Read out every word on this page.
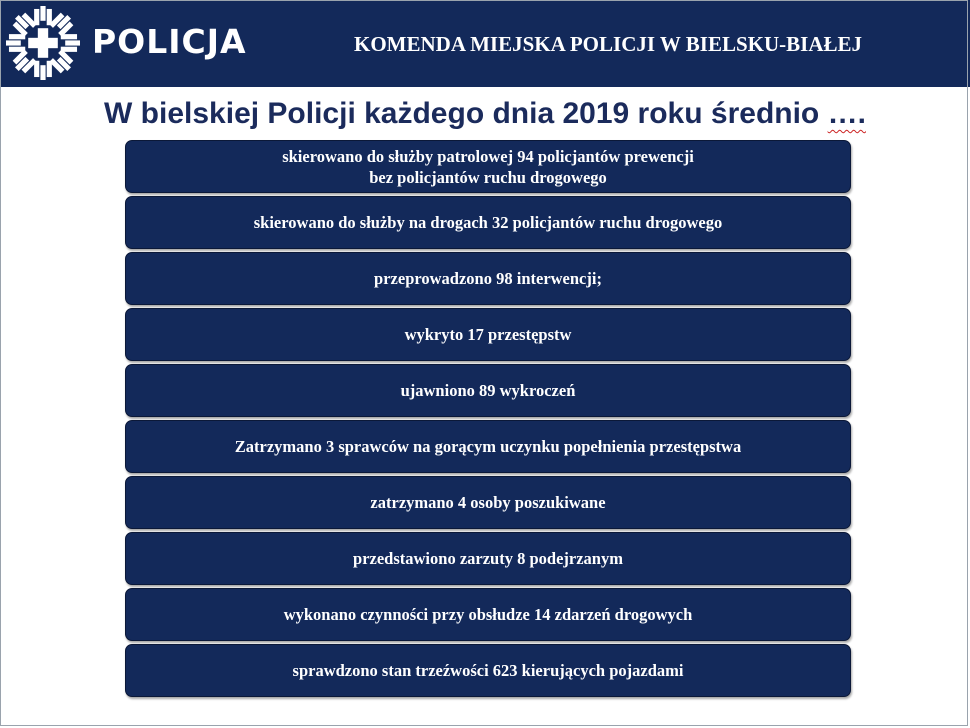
POLICJA	KOMENDA MIEJSKA POLICJI W BIELSKU-BIAŁEJ
W bielskiej Policji każdego dnia 2019 roku średnio ….
skierowano do służby patrolowej 94 policjantów prewencji
bez policjantów ruchu drogowego
skierowano do służby na drogach 32 policjantów ruchu drogowego
przeprowadzono 98 interwencji;
wykryto 17 przestępstw
ujawniono 89 wykroczeń
Zatrzymano 3 sprawców na gorącym uczynku popełnienia przestępstwa
zatrzymano 4 osoby poszukiwane
przedstawiono zarzuty 8 podejrzanym
wykonano czynności przy obsłudze 14 zdarzeń drogowych
sprawdzono stan trzeźwości 623 kierujących pojazdami
